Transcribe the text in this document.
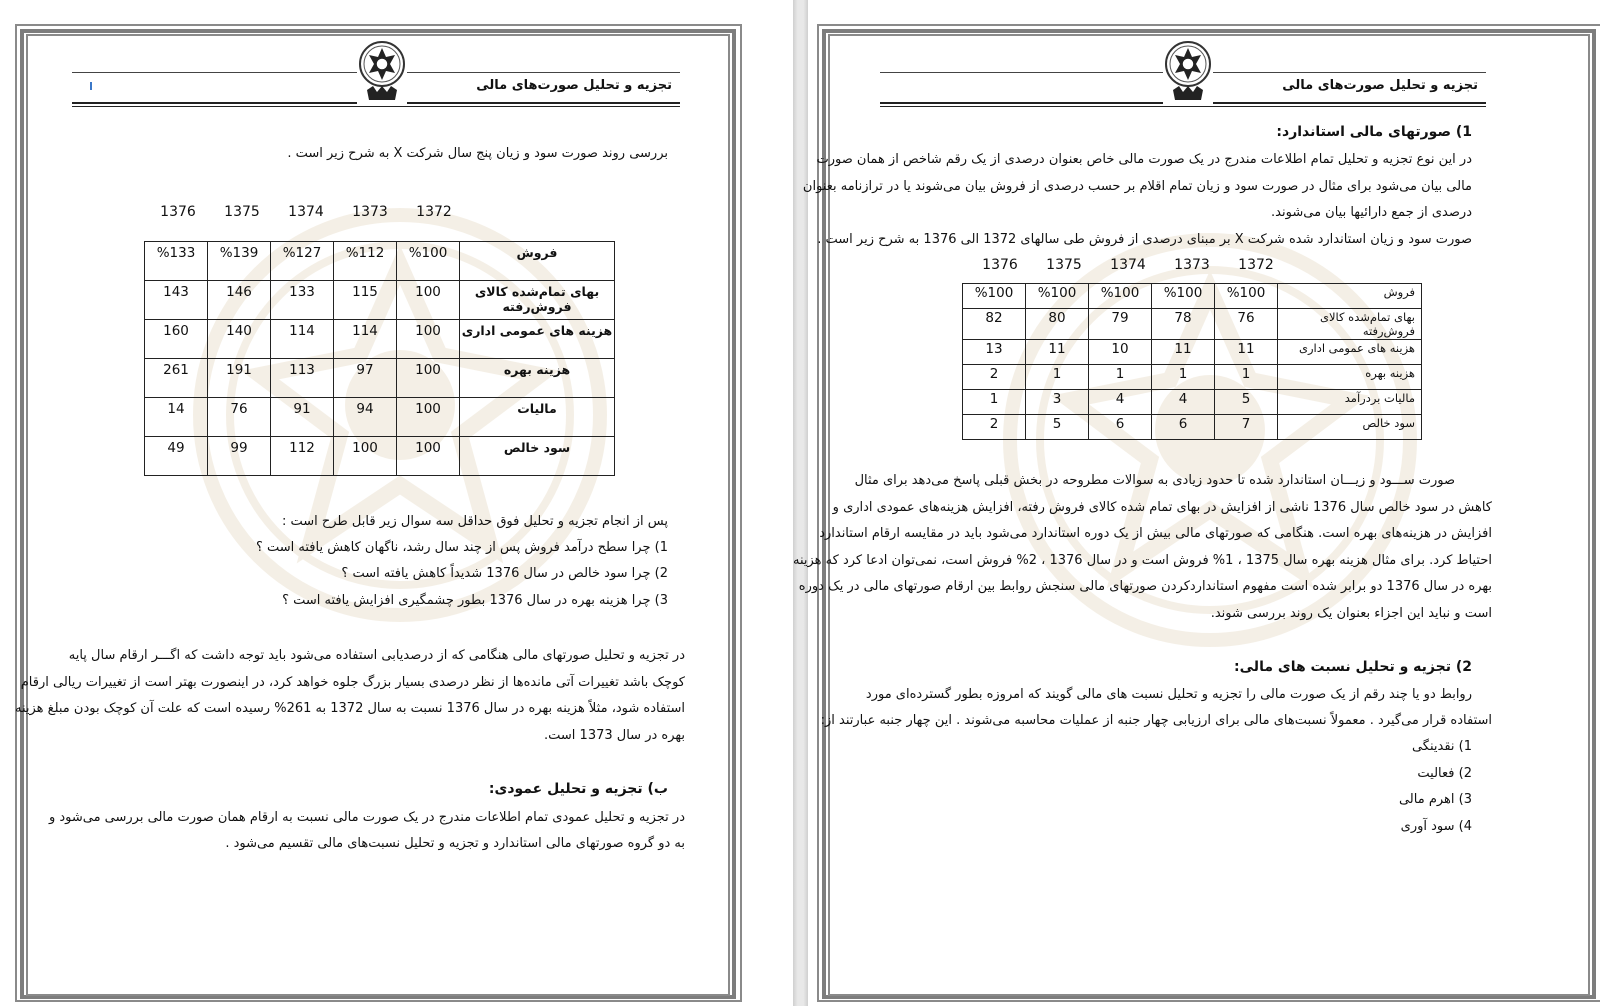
تجزیه و تحلیل صورت‌های مالی
بررسی روند صورت سود و زیان پنج سال شرکت X به شرح زیر است .
1376	1375	1374	1373	1372
%133	%139	%127	%112	%100	فروش
143	146	133	115	100	بهای تمام‌شده کالای فروش‌رفته
160	140	114	114	100	هزینه های عمومی اداری
261	191	113	97	100	هزینه بهره
14	76	91	94	100	مالیات
49	99	112	100	100	سود خالص
پس از انجام تجزیه و تحلیل فوق حداقل سه سوال زیر قابل طرح است :
1) چرا سطح درآمد فروش پس از چند سال رشد، ناگهان کاهش یافته است ؟
2) چرا سود خالص در سال 1376 شدیداً کاهش یافته است ؟
3) چرا هزینه بهره در سال 1376 بطور چشمگیری افزایش یافته است ؟
در تجزیه و تحلیل صورتهای مالی هنگامی که از درصدیابی استفاده می‌شود باید توجه داشت که اگـــر ارقام سال پایه
کوچک باشد تغییرات آتی مانده‌ها از نظر درصدی بسیار بزرگ جلوه خواهد کرد، در اینصورت بهتر است از تغییرات ریالی ارقام
استفاده شود، مثلاً هزینه بهره در سال 1376 نسبت به سال 1372 به 261% رسیده است که علت آن کوچک بودن مبلغ هزینه
بهره در سال 1373 است.
ب) تجزیه و تحلیل عمودی:
در تجزیه و تحلیل عمودی تمام اطلاعات مندرج در یک صورت مالی نسبت به ارقام همان صورت مالی بررسی می‌شود و
به دو گروه صورتهای مالی استاندارد و تجزیه و تحلیل نسبت‌های مالی تقسیم می‌شود .
تجزیه و تحلیل صورت‌های مالی
1) صورتهای مالی استاندارد:
در این نوع تجزیه و تحلیل تمام اطلاعات مندرج در یک صورت مالی خاص بعنوان درصدی از یک رقم شاخص از همان صورت
مالی بیان می‌شود برای مثال در صورت سود و زیان تمام اقلام بر حسب درصدی از فروش بیان می‌شوند یا در ترازنامه بعنوان
درصدی از جمع دارائیها بیان می‌شوند.
صورت سود و زیان استاندارد شده شرکت X بر مبنای درصدی از فروش طی سالهای 1372 الی 1376 به شرح زیر است .
1376	1375	1374	1373	1372
%100	%100	%100	%100	%100	فروش
82	80	79	78	76	بهای تمام‌شده کالای فروش‌رفته
13	11	10	11	11	هزینه های عمومی اداری
2	1	1	1	1	هزینه بهره
1	3	4	4	5	مالیات بردرآمد
2	5	6	6	7	سود خالص
صورت ســـود و زیـــان استاندارد شده تا حدود زیادی به سوالات مطروحه در بخش قبلی پاسخ می‌دهد برای مثال
کاهش در سود خالص سال 1376 ناشی از افزایش در بهای تمام شده کالای فروش رفته، افزایش هزینه‌های عمودی اداری و
افزایش در هزینه‌های بهره است. هنگامی که صورتهای مالی بیش از یک دوره استاندارد می‌شود باید در مقایسه ارقام استاندارد
احتیاط کرد. برای مثال هزینه بهره سال 1375 ، 1% فروش است و در سال 1376 ، 2% فروش است، نمی‌توان ادعا کرد که هزینه
بهره در سال 1376 دو برابر شده است مفهوم استانداردکردن صورتهای مالی سنجش روابط بین ارقام صورتهای مالی در یک دوره
است و نباید این اجزاء بعنوان یک روند بررسی شوند.
2) تجزیه و تحلیل نسبت های مالی:
روابط دو یا چند رقم از یک صورت مالی را تجزیه و تحلیل نسبت های مالی گویند که امروزه بطور گسترده‌ای مورد
استفاده قرار می‌گیرد . معمولاً نسبت‌های مالی برای ارزیابی چهار جنبه از عملیات محاسبه می‌شوند . این چهار جنبه عبارتند از:
1) نقدینگی
2) فعالیت
3) اهرم مالی
4) سود آوری
